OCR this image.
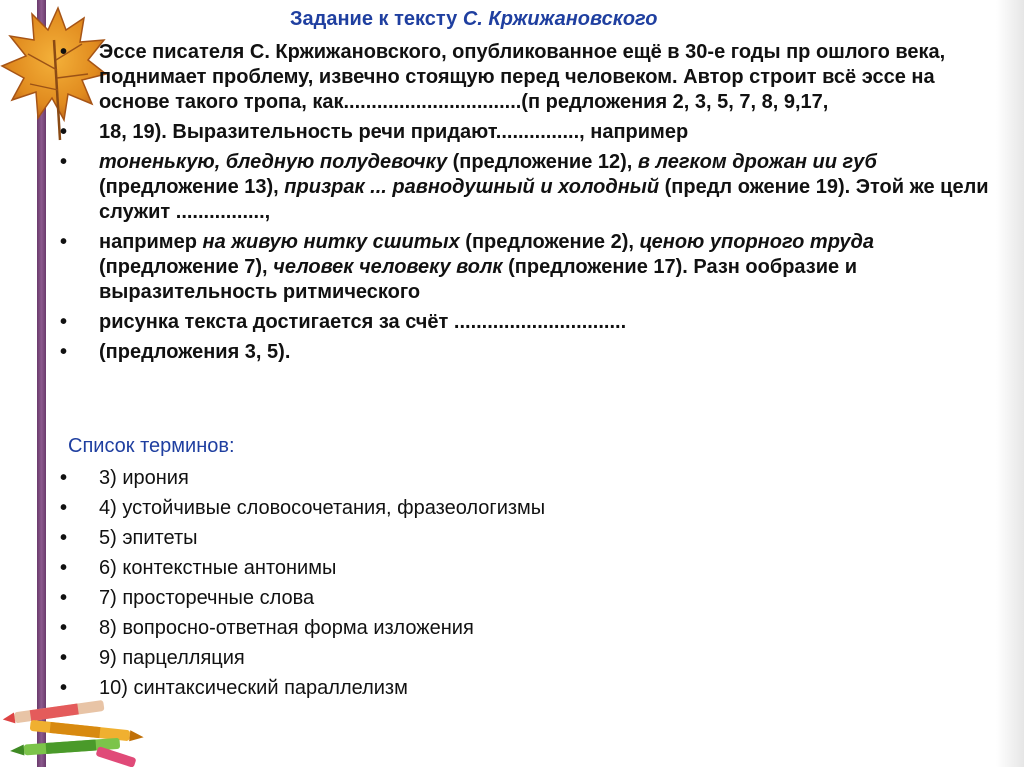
Задание к тексту С. Кржижановского
• Эссе писателя С. Кржижановского, опубликованное ещё в 30-е годы пр ошлого века, поднимает проблему, извечно стоящую перед человеком. Автор строит всё эссе на основе такого тропа, как................................(п редложения 2, 3, 5, 7, 8, 9,17,
• 18, 19). Выразительность речи придают..............., например
• тоненькую, бледную полудевочку (предложение 12), в легком дрожан ии губ (предложение 13), призрак ... равнодушный и холодный (предл ожение 19). Этой же цели служит ................,
• например на живую нитку сшитых (предложение 2), ценою упорного труда (предложение 7), человек человеку волк (предложение 17). Разн ообразие и выразительность ритмического
• рисунка текста достигается за счёт ...............................
• (предложения 3, 5).
Список терминов:
• 3) ирония
• 4) устойчивые словосочетания, фразеологизмы
• 5) эпитеты
• 6) контекстные антонимы
• 7) просторечные слова
• 8) вопросно-ответная форма изложения
• 9) парцелляция
• 10) синтаксический параллелизм
